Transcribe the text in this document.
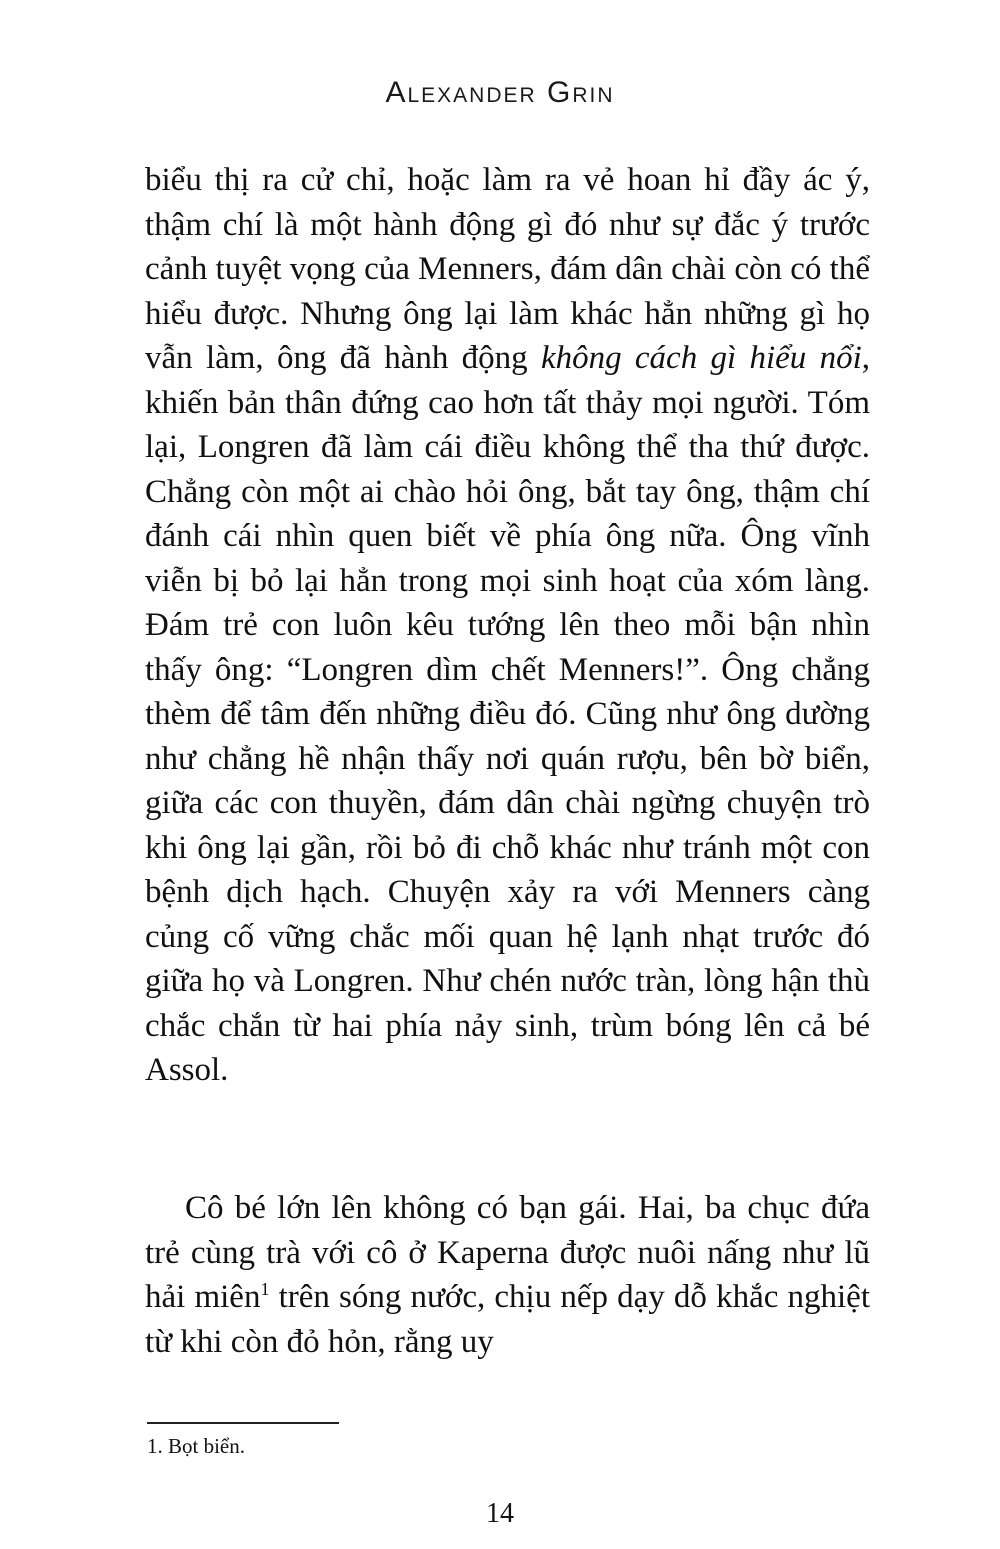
Alexander Grin
biểu thị ra cử chỉ, hoặc làm ra vẻ hoan hỉ đầy ác ý, thậm chí là một hành động gì đó như sự đắc ý trước cảnh tuyệt vọng của Menners, đám dân chài còn có thể hiểu được. Nhưng ông lại làm khác hẳn những gì họ vẫn làm, ông đã hành động không cách gì hiểu nổi, khiến bản thân đứng cao hơn tất thảy mọi người. Tóm lại, Longren đã làm cái điều không thể tha thứ được. Chẳng còn một ai chào hỏi ông, bắt tay ông, thậm chí đánh cái nhìn quen biết về phía ông nữa. Ông vĩnh viễn bị bỏ lại hẳn trong mọi sinh hoạt của xóm làng. Đám trẻ con luôn kêu tướng lên theo mỗi bận nhìn thấy ông: “Longren dìm chết Menners!”. Ông chẳng thèm để tâm đến những điều đó. Cũng như ông dường như chẳng hề nhận thấy nơi quán rượu, bên bờ biển, giữa các con thuyền, đám dân chài ngừng chuyện trò khi ông lại gần, rồi bỏ đi chỗ khác như tránh một con bệnh dịch hạch. Chuyện xảy ra với Menners càng củng cố vững chắc mối quan hệ lạnh nhạt trước đó giữa họ và Longren. Như chén nước tràn, lòng hận thù chắc chắn từ hai phía nảy sinh, trùm bóng lên cả bé Assol.
Cô bé lớn lên không có bạn gái. Hai, ba chục đứa trẻ cùng trà với cô ở Kaperna được nuôi nấng như lũ hải miên$^1$ trên sóng nước, chịu nếp dạy dỗ khắc nghiệt từ khi còn đỏ hỏn, rằng uy
1. Bọt biển.
14
